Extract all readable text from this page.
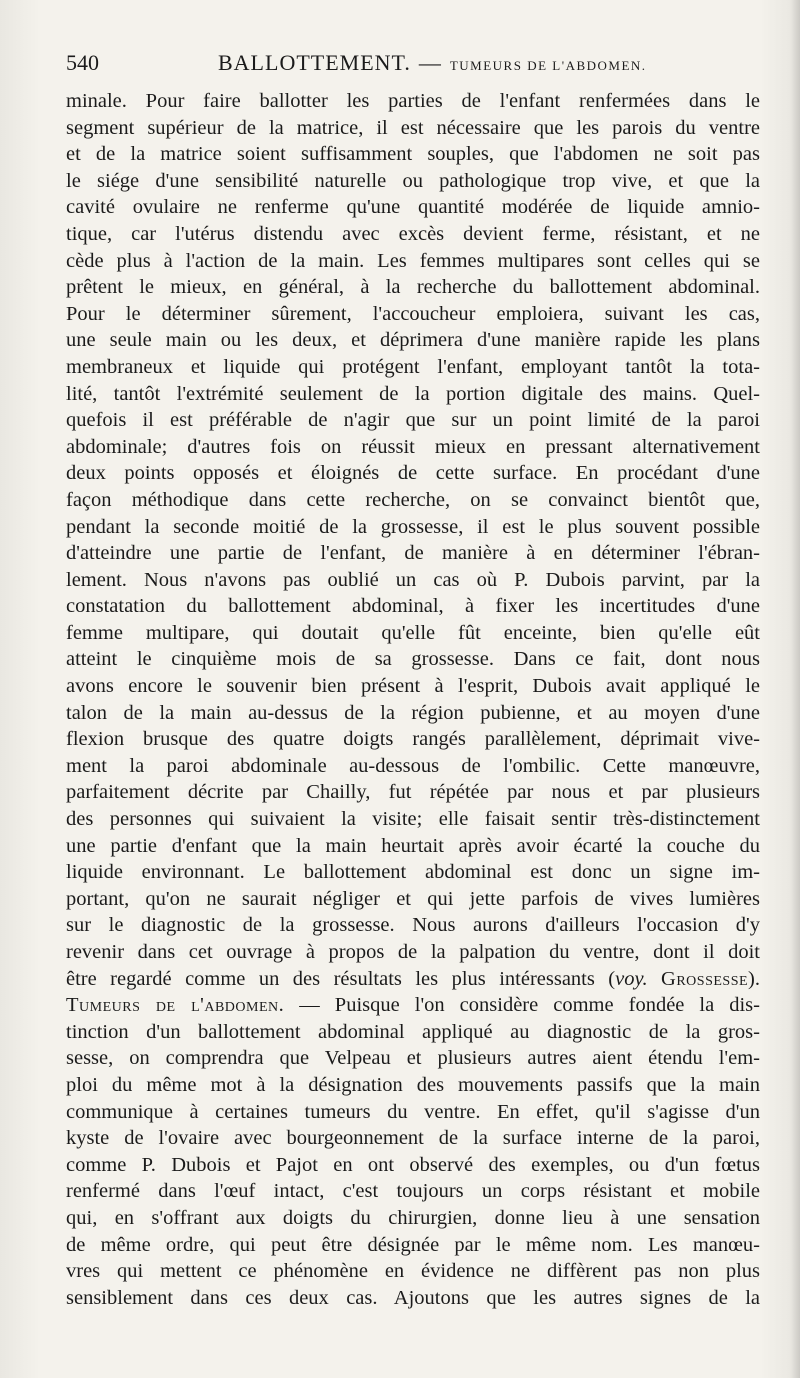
540	BALLOTTEMENT. — TUMEURS DE L'ABDOMEN.
minale. Pour faire ballotter les parties de l'enfant renfermées dans le
segment supérieur de la matrice, il est nécessaire que les parois du ventre
et de la matrice soient suffisamment souples, que l'abdomen ne soit pas
le siége d'une sensibilité naturelle ou pathologique trop vive, et que la
cavité ovulaire ne renferme qu'une quantité modérée de liquide amnio-
tique, car l'utérus distendu avec excès devient ferme, résistant, et ne
cède plus à l'action de la main. Les femmes multipares sont celles qui se
prêtent le mieux, en général, à la recherche du ballottement abdominal.
Pour le déterminer sûrement, l'accoucheur emploiera, suivant les cas,
une seule main ou les deux, et déprimera d'une manière rapide les plans
membraneux et liquide qui protégent l'enfant, employant tantôt la tota-
lité, tantôt l'extrémité seulement de la portion digitale des mains. Quel-
quefois il est préférable de n'agir que sur un point limité de la paroi
abdominale; d'autres fois on réussit mieux en pressant alternativement
deux points opposés et éloignés de cette surface. En procédant d'une
façon méthodique dans cette recherche, on se convainct bientôt que,
pendant la seconde moitié de la grossesse, il est le plus souvent possible
d'atteindre une partie de l'enfant, de manière à en déterminer l'ébran-
lement. Nous n'avons pas oublié un cas où P. Dubois parvint, par la
constatation du ballottement abdominal, à fixer les incertitudes d'une
femme multipare, qui doutait qu'elle fût enceinte, bien qu'elle eût
atteint le cinquième mois de sa grossesse. Dans ce fait, dont nous
avons encore le souvenir bien présent à l'esprit, Dubois avait appliqué le
talon de la main au-dessus de la région pubienne, et au moyen d'une
flexion brusque des quatre doigts rangés parallèlement, déprimait vive-
ment la paroi abdominale au-dessous de l'ombilic. Cette manœuvre,
parfaitement décrite par Chailly, fut répétée par nous et par plusieurs
des personnes qui suivaient la visite; elle faisait sentir très-distinctement
une partie d'enfant que la main heurtait après avoir écarté la couche du
liquide environnant. Le ballottement abdominal est donc un signe im-
portant, qu'on ne saurait négliger et qui jette parfois de vives lumières
sur le diagnostic de la grossesse. Nous aurons d'ailleurs l'occasion d'y
revenir dans cet ouvrage à propos de la palpation du ventre, dont il doit
être regardé comme un des résultats les plus intéressants (voy. Grossesse).
Tumeurs de l'abdomen. — Puisque l'on considère comme fondée la dis-
tinction d'un ballottement abdominal appliqué au diagnostic de la gros-
sesse, on comprendra que Velpeau et plusieurs autres aient étendu l'em-
ploi du même mot à la désignation des mouvements passifs que la main
communique à certaines tumeurs du ventre. En effet, qu'il s'agisse d'un
kyste de l'ovaire avec bourgeonnement de la surface interne de la paroi,
comme P. Dubois et Pajot en ont observé des exemples, ou d'un fœtus
renfermé dans l'œuf intact, c'est toujours un corps résistant et mobile
qui, en s'offrant aux doigts du chirurgien, donne lieu à une sensation
de même ordre, qui peut être désignée par le même nom. Les manœu-
vres qui mettent ce phénomène en évidence ne diffèrent pas non plus
sensiblement dans ces deux cas. Ajoutons que les autres signes de la
